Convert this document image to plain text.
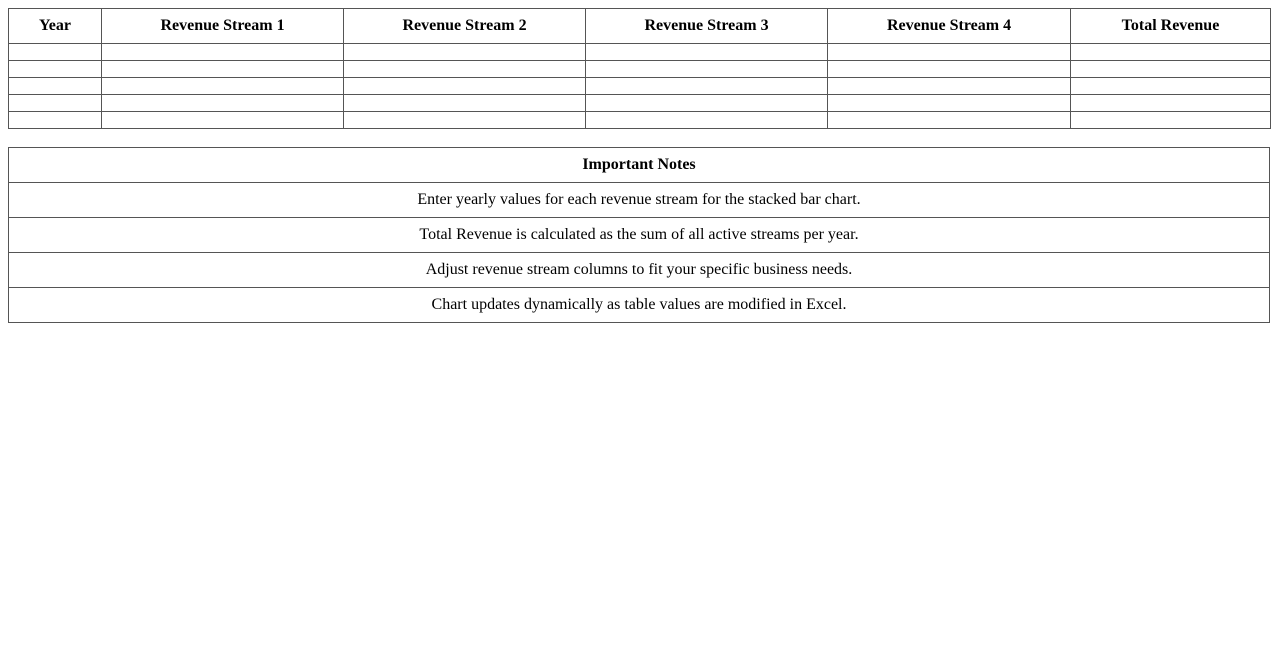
Year	Revenue Stream 1	Revenue Stream 2	Revenue Stream 3	Revenue Stream 4	Total Revenue

Important Notes
Enter yearly values for each revenue stream for the stacked bar chart.
Total Revenue is calculated as the sum of all active streams per year.
Adjust revenue stream columns to fit your specific business needs.
Chart updates dynamically as table values are modified in Excel.
